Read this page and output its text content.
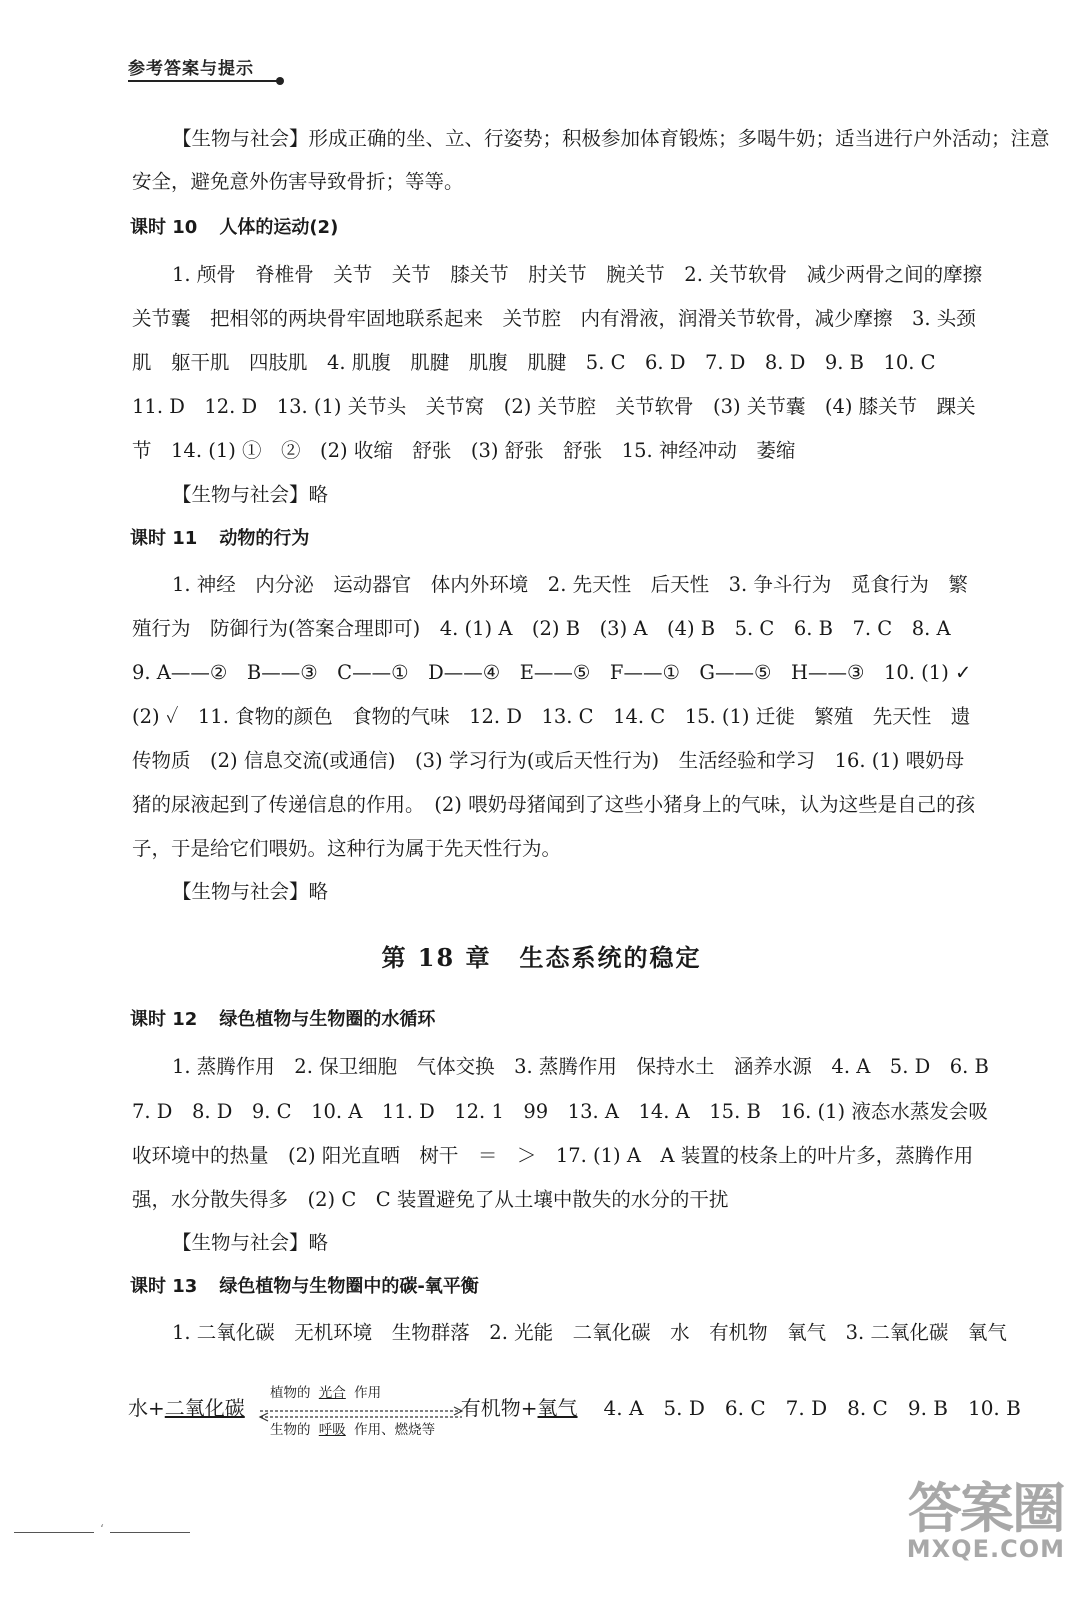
参考答案与提示
【生物与社会】形成正确的坐、立、行姿势；积极参加体育锻炼；多喝牛奶；适当进行户外活动；注意
安全，避免意外伤害导致骨折；等等。
课时 10 人体的运动(2)
1. 颅骨　脊椎骨　关节　关节　膝关节　肘关节　腕关节　2. 关节软骨　减少两骨之间的摩擦
关节囊　把相邻的两块骨牢固地联系起来　关节腔　内有滑液，润滑关节软骨，减少摩擦　3. 头颈
肌　躯干肌　四肢肌　4. 肌腹　肌腱　肌腹　肌腱　5. C　6. D　7. D　8. D　9. B　10. C
11. D　12. D　13. (1) 关节头　关节窝　(2) 关节腔　关节软骨　(3) 关节囊　(4) 膝关节　踝关
节　14. (1) ①　②　(2) 收缩　舒张　(3) 舒张　舒张　15. 神经冲动　萎缩
【生物与社会】略
课时 11 动物的行为
1. 神经　内分泌　运动器官　体内外环境　2. 先天性　后天性　3. 争斗行为　觅食行为　繁
殖行为　防御行为(答案合理即可)　4. (1) A　(2) B　(3) A　(4) B　5. C　6. B　7. C　8. A
9. A——②　B——③　C——①　D——④　E——⑤　F——①　G——⑤　H——③　10. (1) ✓
(2) ✓　11. 食物的颜色　食物的气味　12. D　13. C　14. C　15. (1) 迁徙　繁殖　先天性　遗
传物质　(2) 信息交流(或通信)　(3) 学习行为(或后天性行为)　生活经验和学习　16. (1) 喂奶母
猪的尿液起到了传递信息的作用。　(2) 喂奶母猪闻到了这些小猪身上的气味，认为这些是自己的孩
子，于是给它们喂奶。这种行为属于先天性行为。
【生物与社会】略
第 18 章 生态系统的稳定
课时 12 绿色植物与生物圈的水循环
1. 蒸腾作用　2. 保卫细胞　气体交换　3. 蒸腾作用　保持水土　涵养水源　4. A　5. D　6. B
7. D　8. D　9. C　10. A　11. D　12. 1　99　13. A　14. A　15. B　16. (1) 液态水蒸发会吸
收环境中的热量　(2) 阳光直晒　树干　＝　＞　17. (1) A　A 装置的枝条上的叶片多，蒸腾作用
强，水分散失得多　(2) C　C 装置避免了从土壤中散失的水分的干扰
【生物与社会】略
课时 13 绿色植物与生物圈中的碳-氧平衡
1. 二氧化碳　无机环境　生物群落　2. 光能　二氧化碳　水　有机物　氧气　3. 二氧化碳　氧气
水+二氧化碳	有机物+氧气 4. A　5. D　6. C　7. D　8. C　9. B　10. B
植物的 光合 作用
生物的 呼吸 作用、燃烧等
‘	答案圈
MXQE.COM
